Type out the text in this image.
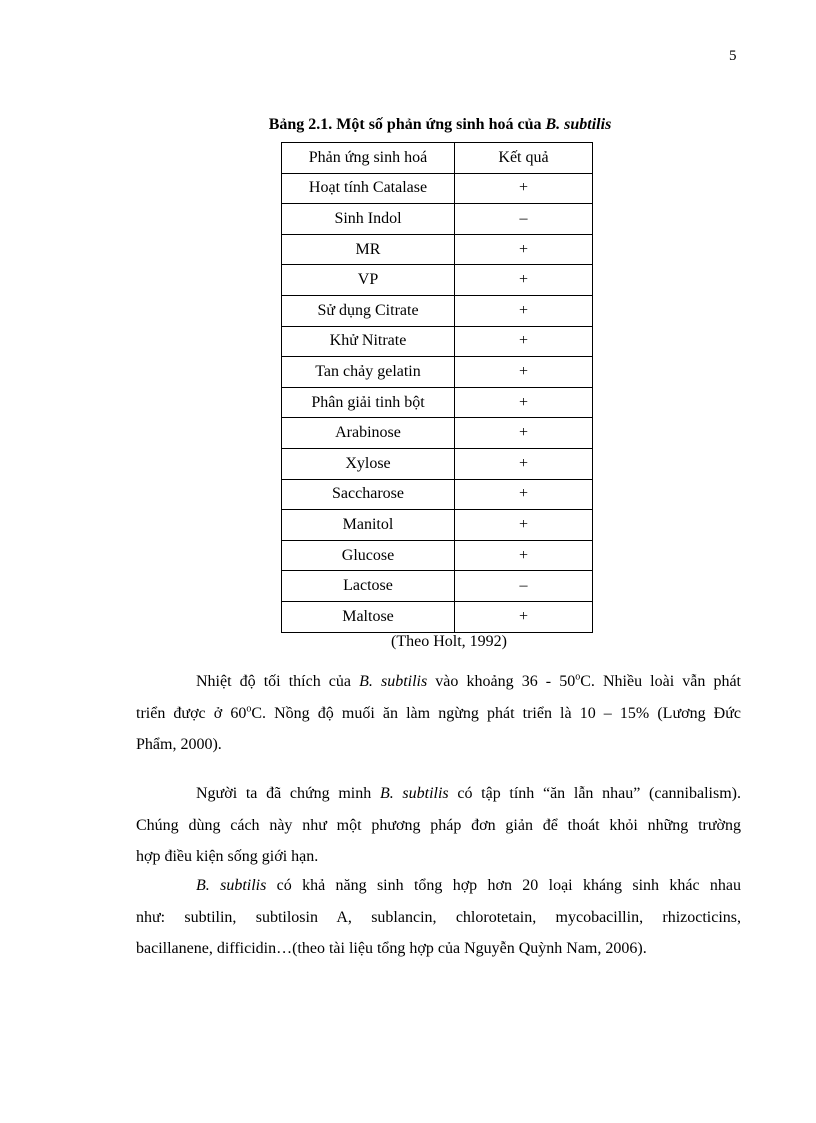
5
Bảng 2.1. Một số phản ứng sinh hoá của B. subtilis
Phản ứng sinh hoá	Kết quả
Hoạt tính Catalase	+
Sinh Indol	–
MR	+
VP	+
Sử dụng Citrate	+
Khử Nitrate	+
Tan chảy gelatin	+
Phân giải tinh bột	+
Arabinose	+
Xylose	+
Saccharose	+
Manitol	+
Glucose	+
Lactose	–
Maltose	+
(Theo Holt, 1992)
Nhiệt độ tối thích của B. subtilis vào khoảng 36 - 50$^o$C. Nhiều loài vẫn phát
triển được ở 60$^o$C. Nồng độ muối ăn làm ngừng phát triển là 10 – 15% (Lương Đức
Phẩm, 2000).
Người ta đã chứng minh B. subtilis có tập tính “ăn lẫn nhau” (cannibalism).
Chúng dùng cách này như một phương pháp đơn giản để thoát khỏi những trường
hợp điều kiện sống giới hạn.
B. subtilis có khả năng sinh tổng hợp hơn 20 loại kháng sinh khác nhau
như: subtilin, subtilosin A, sublancin, chlorotetain, mycobacillin, rhizocticins,
bacillanene, difficidin…(theo tài liệu tổng hợp của Nguyễn Quỳnh Nam, 2006).
